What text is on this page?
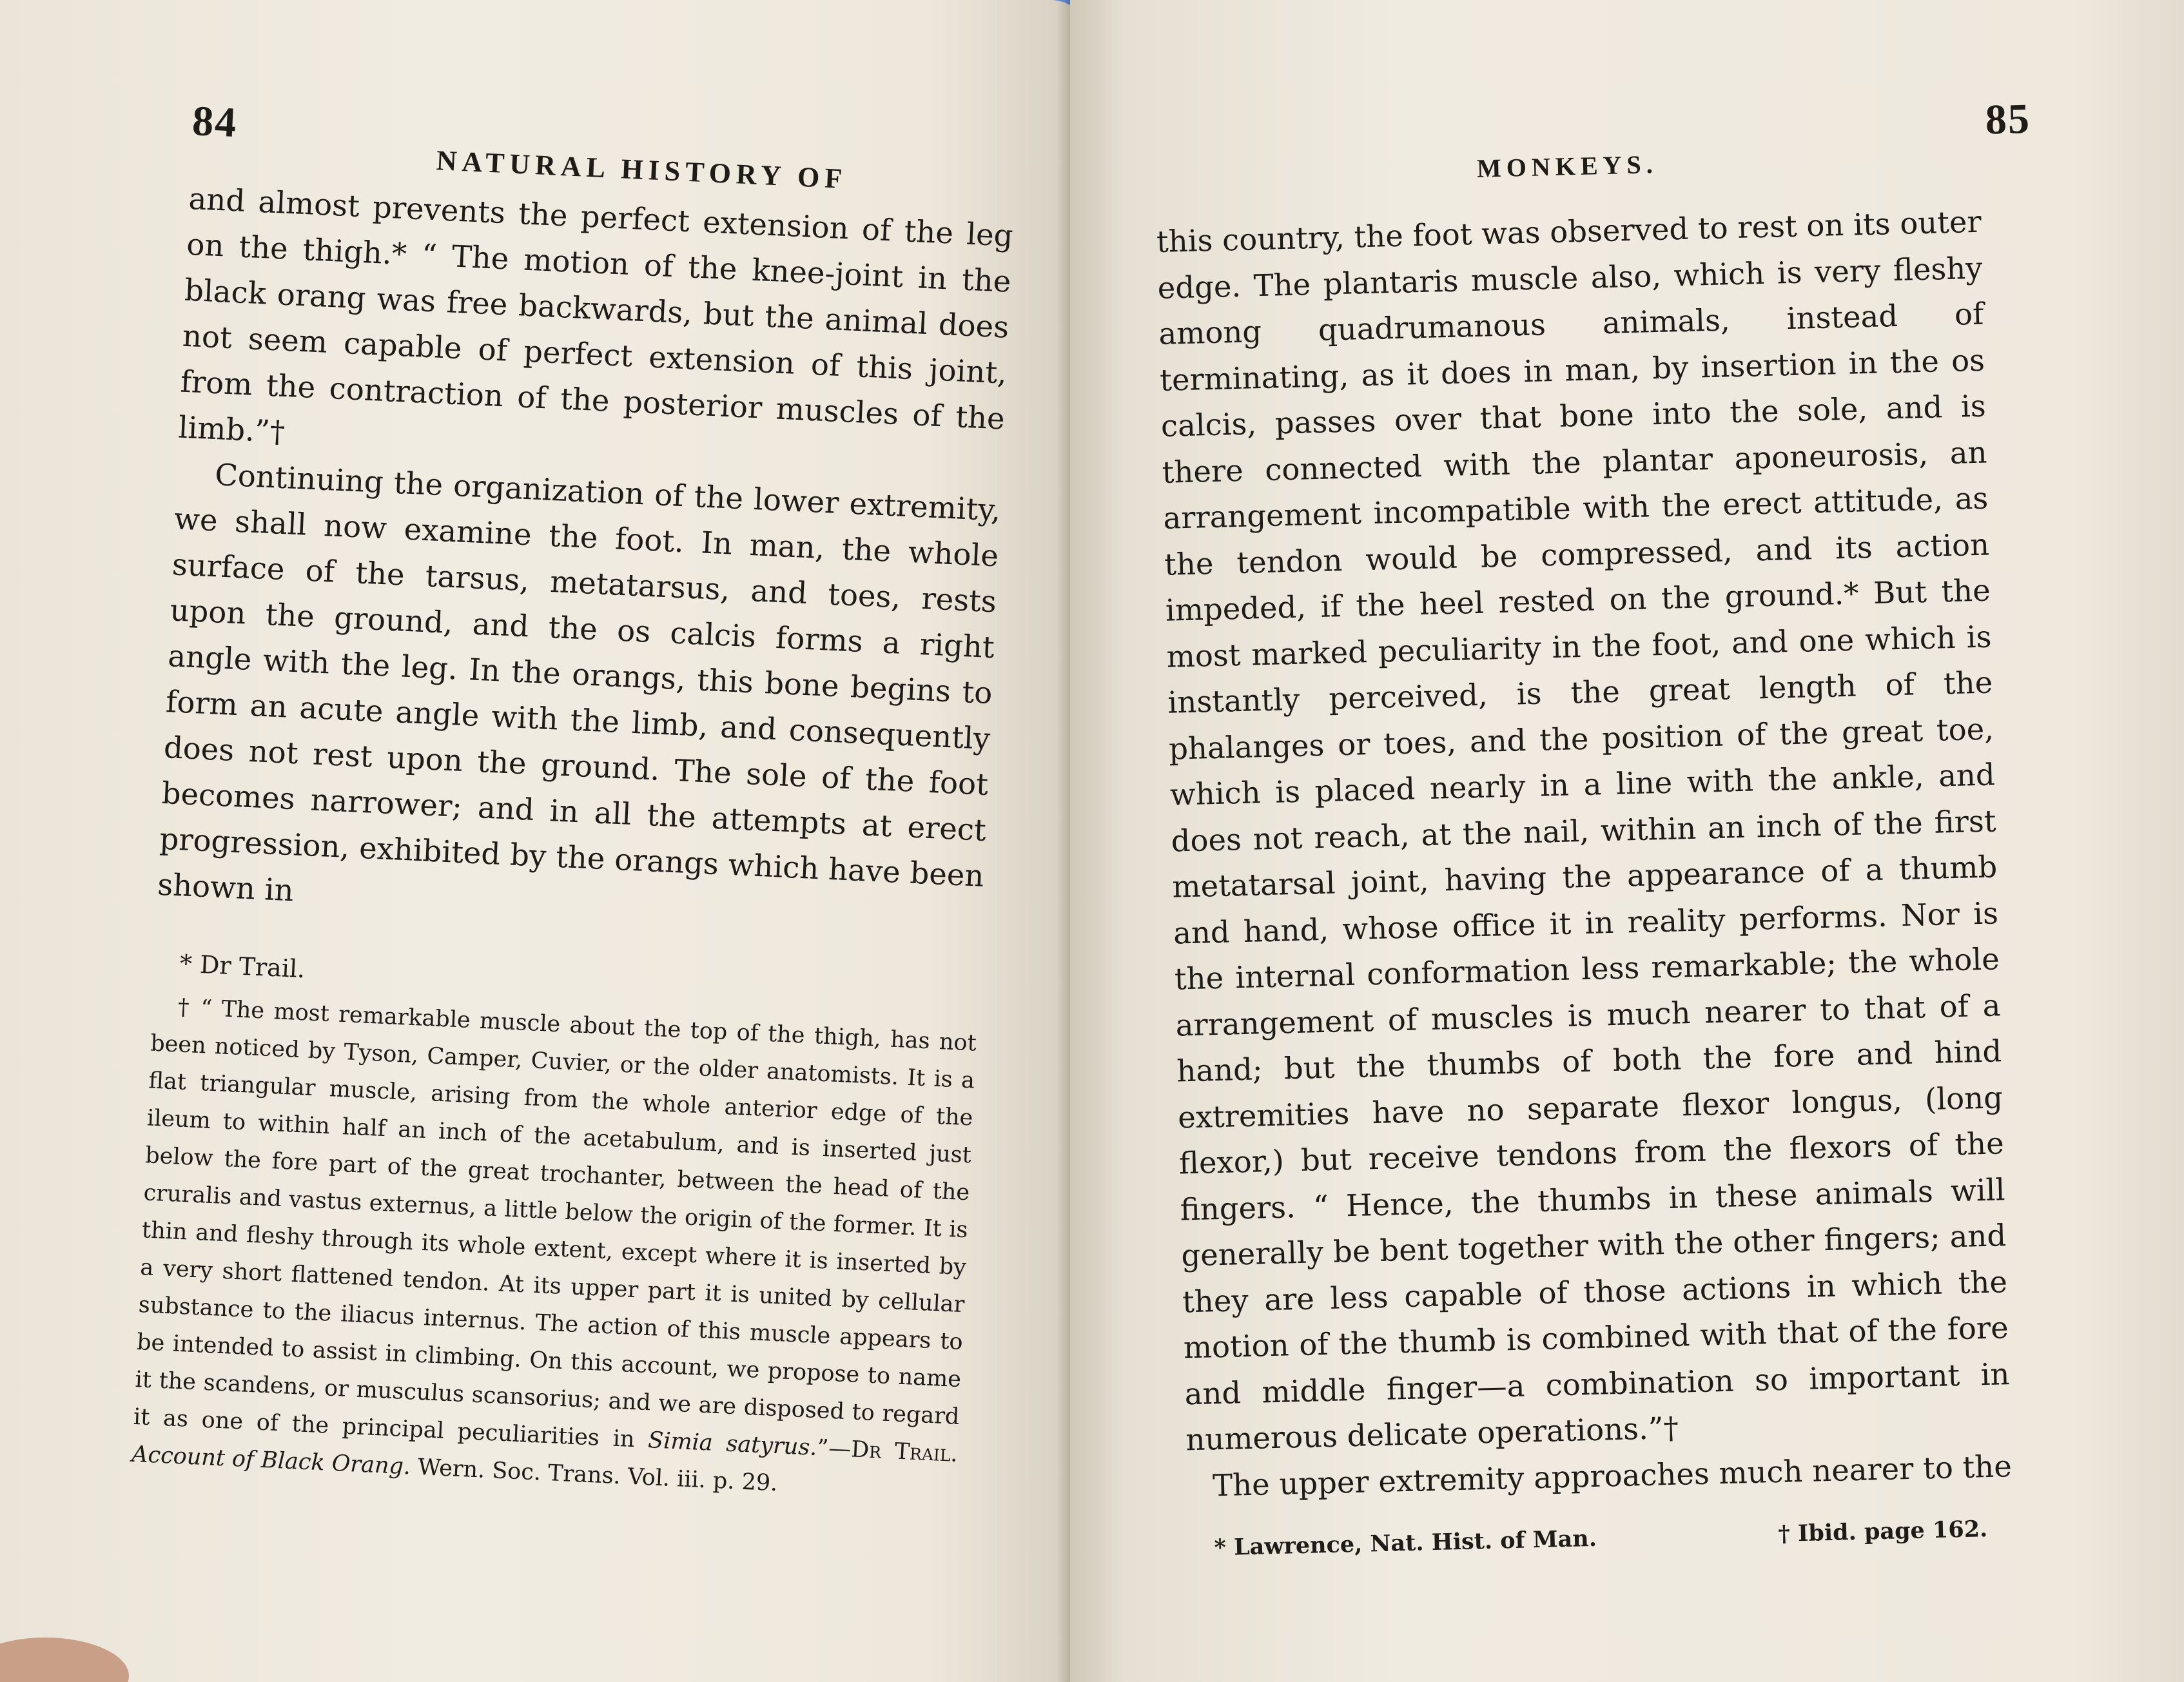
84
NATURAL HISTORY OF

and almost prevents the perfect extension of the leg on the thigh.* “ The motion of the knee-joint in the black orang was free backwards, but the animal does not seem capable of perfect extension of this joint, from the contraction of the posterior muscles of the limb.”†

Continuing the organization of the lower extremity, we shall now examine the foot. In man, the whole surface of the tarsus, metatarsus, and toes, rests upon the ground, and the os calcis forms a right angle with the leg. In the orangs, this bone begins to form an acute angle with the limb, and consequently does not rest upon the ground. The sole of the foot becomes narrower; and in all the attempts at erect progression, exhibited by the orangs which have been shown in

* Dr Trail.

† “ The most remarkable muscle about the top of the thigh, has not been noticed by Tyson, Camper, Cuvier, or the older anatomists. It is a flat triangular muscle, arising from the whole anterior edge of the ileum to within half an inch of the acetabulum, and is inserted just below the fore part of the great trochanter, between the head of the cruralis and vastus externus, a little below the origin of the former. It is thin and fleshy through its whole extent, except where it is inserted by a very short flattened tendon. At its upper part it is united by cellular substance to the iliacus internus. The action of this muscle appears to be intended to assist in climbing. On this account, we propose to name it the scandens, or musculus scansorius; and we are disposed to regard it as one of the principal peculiarities in Simia satyrus.”—Dr Trail. Account of Black Orang. Wern. Soc. Trans. Vol. iii. p. 29.

85
MONKEYS.

this country, the foot was observed to rest on its outer edge. The plantaris muscle also, which is very fleshy among quadrumanous animals, instead of terminating, as it does in man, by insertion in the os calcis, passes over that bone into the sole, and is there connected with the plantar aponeurosis, an arrangement incompatible with the erect attitude, as the tendon would be compressed, and its action impeded, if the heel rested on the ground.* But the most marked peculiarity in the foot, and one which is instantly perceived, is the great length of the phalanges or toes, and the position of the great toe, which is placed nearly in a line with the ankle, and does not reach, at the nail, within an inch of the first metatarsal joint, having the appearance of a thumb and hand, whose office it in reality performs. Nor is the internal conformation less remarkable; the whole arrangement of muscles is much nearer to that of a hand; but the thumbs of both the fore and hind extremities have no separate flexor longus, (long flexor,) but receive tendons from the flexors of the fingers. “ Hence, the thumbs in these animals will generally be bent together with the other fingers; and they are less capable of those actions in which the motion of the thumb is combined with that of the fore and middle finger—a combination so important in numerous delicate operations.”†

The upper extremity approaches much nearer to the

* Lawrence, Nat. Hist. of Man.	† Ibid. page 162.
